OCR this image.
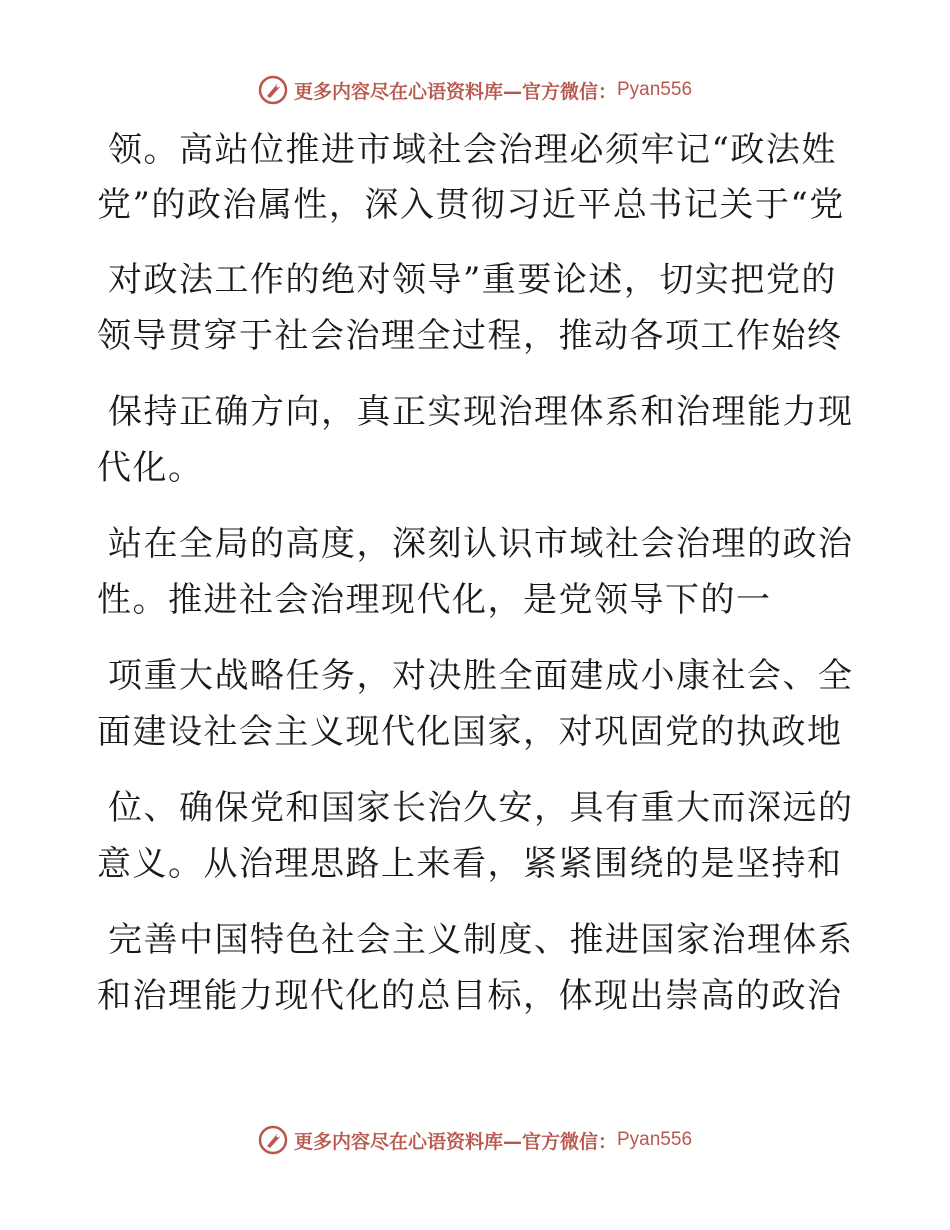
更多内容尽在心语资料库—官方微信： Pyan556
领。高站位推进市域社会治理必须牢记“政法姓
党”的政治属性，深入贯彻习近平总书记关于“党
对政法工作的绝对领导”重要论述，切实把党的
领导贯穿于社会治理全过程，推动各项工作始终
保持正确方向，真正实现治理体系和治理能力现
代化。
站在全局的高度，深刻认识市域社会治理的政治
性。推进社会治理现代化，是党领导下的一
项重大战略任务，对决胜全面建成小康社会、全
面建设社会主义现代化国家，对巩固党的执政地
位、确保党和国家长治久安，具有重大而深远的
意义。从治理思路上来看，紧紧围绕的是坚持和
完善中国特色社会主义制度、推进国家治理体系
和治理能力现代化的总目标，体现出崇高的政治
更多内容尽在心语资料库—官方微信： Pyan556
